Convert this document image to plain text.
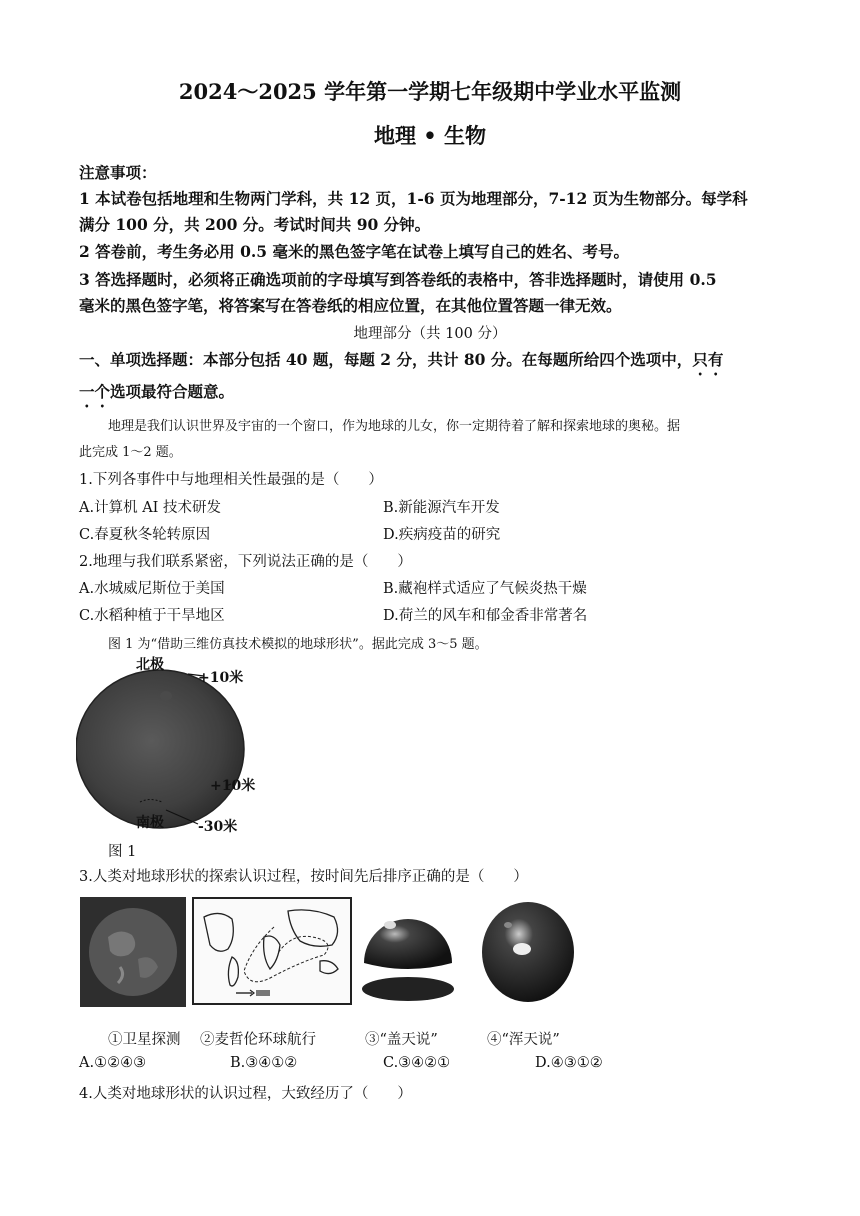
2024～2025 学年第一学期七年级期中学业水平监测
地理 • 生物
注意事项：
1 本试卷包括地理和生物两门学科，共 12 页，1-6 页为地理部分，7-12 页为生物部分。每学科
满分 100 分，共 200 分。考试时间共 90 分钟。
2 答卷前，考生务必用 0.5 毫米的黑色签字笔在试卷上填写自己的姓名、考号。
3 答选择题时，必须将正确选项前的字母填写到答卷纸的表格中，答非选择题时，请使用 0.5
毫米的黑色签字笔，将答案写在答卷纸的相应位置，在其他位置答题一律无效。
地理部分（共 100 分）
一、单项选择题：本部分包括 40 题，每题 2 分，共计 80 分。在每题所给四个选项中，只有
一个选项最符合题意。
地理是我们认识世界及宇宙的一个窗口，作为地球的儿女，你一定期待着了解和探索地球的奥秘。据
此完成 1～2 题。
1.下列各事件中与地理相关性最强的是（　　）
A.计算机 AI 技术研发	B.新能源汽车开发
C.春夏秋冬轮转原因	D.疾病疫苗的研究
2.地理与我们联系紧密，下列说法正确的是（　　）
A.水城威尼斯位于美国	B.藏袍样式适应了气候炎热干燥
C.水稻种植于干旱地区	D.荷兰的风车和郁金香非常著名
图 1 为“借助三维仿真技术模拟的地球形状”。据此完成 3～5 题。
北极
+10米
+10米
南极 -30米
图 1
3.人类对地球形状的探索认识过程，按时间先后排序正确的是（　　）
①卫星探测 ②麦哲伦环球航行	③“盖天说”	④“浑天说”
A.①②④③	B.③④①②	C.③④②①	D.④③①②
4.人类对地球形状的认识过程，大致经历了（　　）
